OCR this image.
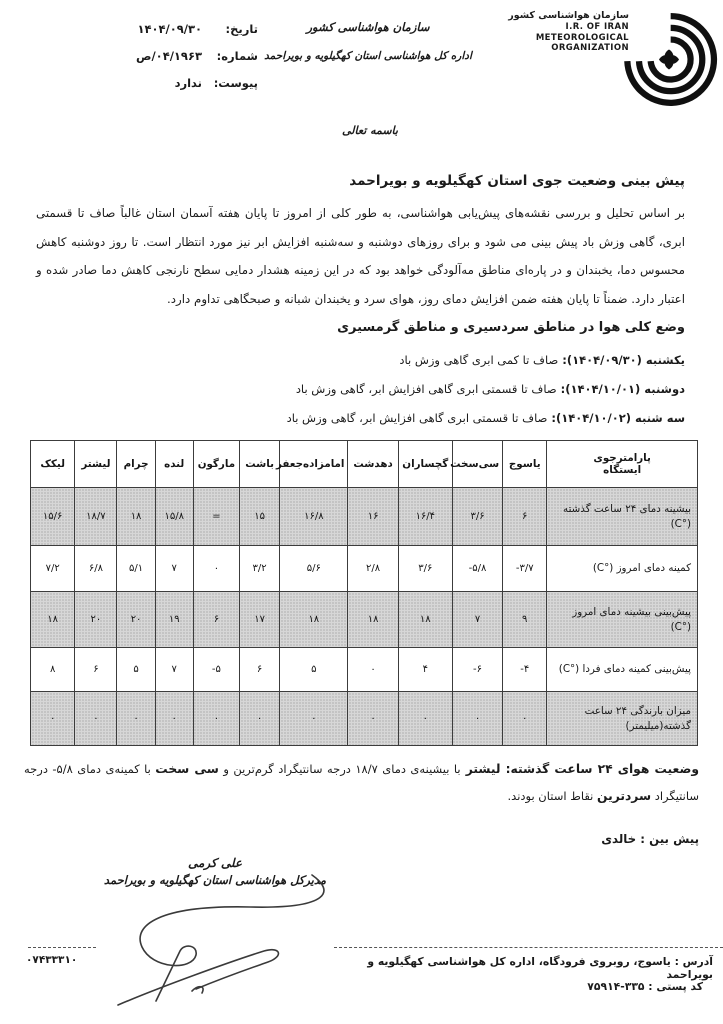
سازمان هواشناسی کشور
I.R. OF IRAN
METEOROLOGICAL
ORGANIZATION
سازمان هواشناسی کشور
اداره کل هواشناسی استان کهگیلویه و بویراحمد
تاریخ:
۱۴۰۴/۰۹/۳۰
شماره:
۰۴/۱۹۶۳/ص
پیوست:
ندارد
باسمه تعالی
پیش بینی وضعیت جوی استان کهگیلویه و بویراحمد
بر اساس تحلیل و بررسی نقشه‌های پیش‌یابی هواشناسی، به طور کلی از امروز تا پایان هفته آسمان استان غالباً صاف تا قسمتی ابری، گاهی وزش باد پیش بینی می شود و برای روزهای دوشنبه و سه‌شنبه افزایش ابر نیز مورد انتظار است. تا روز دوشنبه کاهش محسوس دما، یخبندان و در پاره‌ای مناطق مه‌آلودگی خواهد بود که در این زمینه هشدار دمایی سطح نارنجی کاهش دما صادر شده و اعتبار دارد. ضمناً تا پایان هفته ضمن افزایش دمای روز، هوای سرد و یخبندان شبانه و صبحگاهی تداوم دارد.
وضع کلی هوا در مناطق سردسیری و مناطق گرمسیری
یکشنبه (۱۴۰۴/۰۹/۳۰): صاف تا کمی ابری گاهی وزش باد
دوشنبه (۱۴۰۴/۱۰/۰۱): صاف تا قسمتی ابری گاهی افزایش ابر، گاهی وزش باد
سه شنبه (۱۴۰۴/۱۰/۰۲): صاف تا قسمتی ابری گاهی افزایش ابر، گاهی وزش باد
پارامترجوی
ایستگاه	یاسوج	سی‌سخت	گچساران	دهدشت	امامزاده‌جعفر	باشت	مارگون	لنده	چرام	لیشتر	لیکک
بیشینه دمای ۲۴ ساعت گذشته (°C)	۶	۳/۶	۱۶/۴	۱۶	۱۶/۸	۱۵	=	۱۵/۸	۱۸	۱۸/۷	۱۵/۶
کمینه دمای امروز (°C)	-۳/۷	-۵/۸	۳/۶	۲/۸	۵/۶	۳/۲	۰	۷	۵/۱	۶/۸	۷/۲
پیش‌بینی بیشینه دمای امروز (°C)	۹	۷	۱۸	۱۸	۱۸	۱۷	۶	۱۹	۲۰	۲۰	۱۸
پیش‌بینی کمینه دمای فردا (°C)	-۴	-۶	۴	۰	۵	۶	-۵	۷	۵	۶	۸
میزان بارندگی ۲۴ ساعت گذشته(میلیمتر)	۰	۰	۰	۰	۰	۰	۰	۰	۰	۰	۰
وضعیت هوای ۲۴ ساعت گذشته: لیشتر با بیشینه‌ی دمای ۱۸/۷ درجه سانتیگراد گرم‌ترین و سی سخت با کمینه‌ی دمای ۵/۸- درجه سانتیگراد سردترین نقاط استان بودند.
پیش بین : خالدی
علی کرمی
مدیرکل هواشناسی استان کهگیلویه و بویراحمد
آدرس : یاسوج، روبروی فرودگاه، اداره کل هواشناسی کهگیلویه و بویراحمد
کد پستی : ۷۵۹۱۴-۳۳۵
۰۷۴۳۳۳۱۰
